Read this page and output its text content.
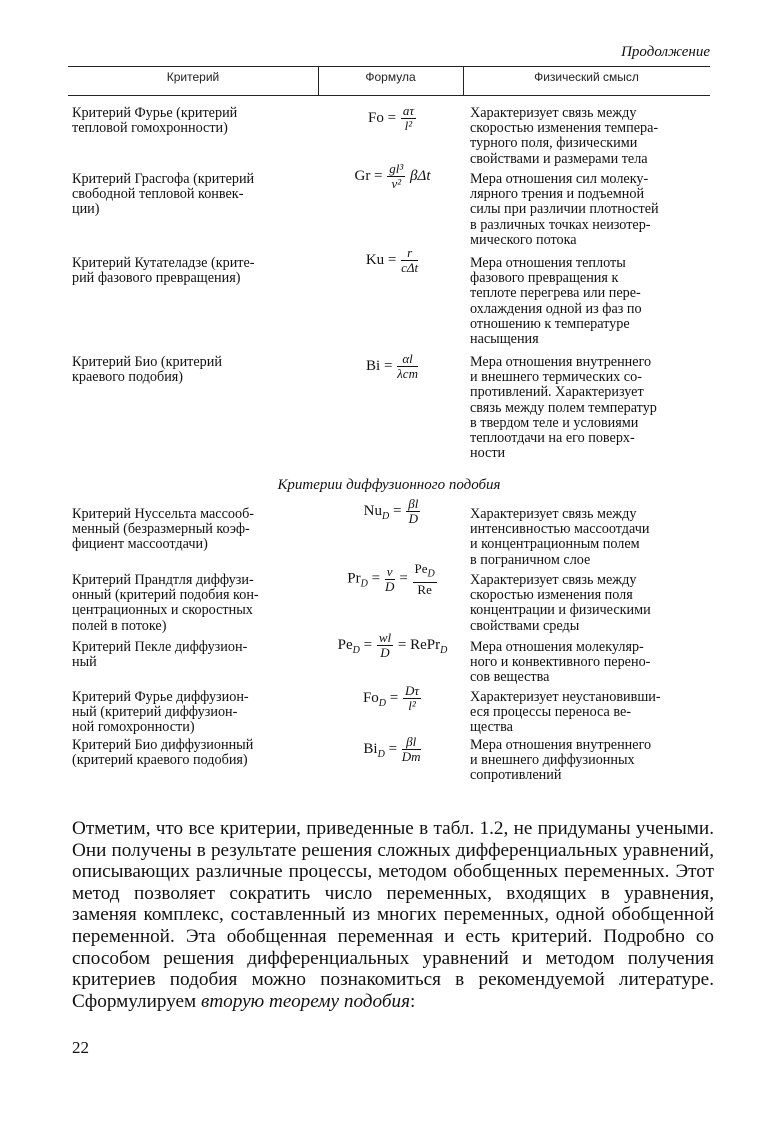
Продолжение
Критерий	Формула	Физический смысл
Критерий Фурье (критерий
тепловой гомохронности)
$Fo = \frac{a\tau}{\text{l²}}$	Характеризует связь между
скоростью изменения темпера-
турного поля, физическими
свойствами и размерами тела
Критерий Грасгофа (критерий
свободной тепловой конвек-
ции)
$Gr = \frac{\text{gl³}}{\text{ν²}}$ βΔt	Мера отношения сил молеку-
лярного трения и подъемной
силы при различии плотностей
в различных точках неизотер-
мического потока
Критерий Кутателадзе (крите-
рий фазового превращения)
$Ku = \frac{r}{\text{cΔt}}$	Мера отношения теплоты
фазового превращения к
теплоте перегрева или пере-
охлаждения одной из фаз по
отношению к температуре
насыщения
Критерий Био (критерий
краевого подобия)
$Bi = \frac{\alpha l}{\text{λст}}$	Мера отношения внутреннего
и внешнего термических со-
противлений. Характеризует
связь между полем температур
в твердом теле и условиями
теплоотдачи на его поверх-
ности
Критерии диффузионного подобия
Критерий Нуссельта массооб-
менный (безразмерный коэф-
фициент массоотдачи)
$Nu_D = \frac{\beta l}{D}$	Характеризует связь между
интенсивностью массоотдачи
и концентрационным полем
в пограничном слое
Критерий Прандтля диффузи-
онный (критерий подобия кон-
центрационных и скоростных
полей в потоке)
$Pr_D = \frac{\nu}{D} = \frac{Pe_D}{Re}$ Характеризует связь между
скоростью изменения поля
концентрации и физическими
свойствами среды
Критерий Пекле диффузион-
ный
$Pe_D = \frac{wl}{D}$ = RePr$_D$	Мера отношения молекуляр-
ного и конвективного перено-
сов вещества
Критерий Фурье диффузион-
ный (критерий диффузион-
ной гомохронности)
$Fo_D = \frac{D\tau}{\text{l²}}$	Характеризует неустановивши-
еся процессы переноса ве-
щества
Критерий Био диффузионный
(критерий краевого подобия)
$Bi_D = \frac{\beta l}{Dт}$	Мера отношения внутреннего
и внешнего диффузионных
сопротивлений
Отметим, что все критерии, приведенные в табл. 1.2, не придуманы учеными. Они получены в результате решения сложных дифференциальных уравнений, описывающих различные процессы, методом обобщенных переменных. Этот метод позволяет сократить число переменных, входящих в уравнения, заменяя комплекс, составленный из многих переменных, одной обобщенной переменной. Эта обобщенная переменная и есть критерий. Подробно со способом решения дифференциальных уравнений и методом получения критериев подобия можно познакомиться в рекомендуемой литературе. Сформулируем вторую теорему подобия:
22
